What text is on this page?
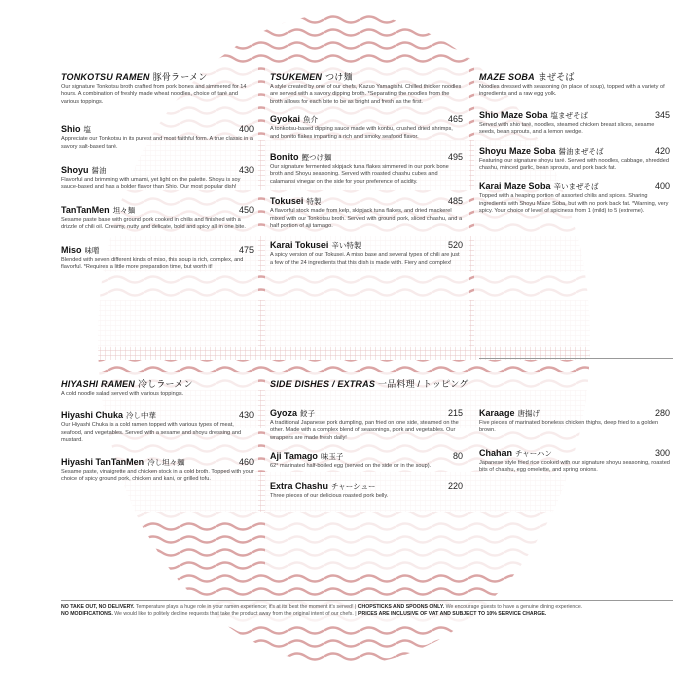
TONKOTSU RAMEN 豚骨ラーメン
Our signature Tonkotsu broth crafted from pork bones and simmered for 14 hours. A combination of freshly made wheat noodles, choice of taré and various toppings.
Shio 塩	400
Appreciate our Tonkotsu in its purest and most faithful form. A true classic in a savory salt-based taré.
Shoyu 醤油	430
Flavorful and brimming with umami, yet light on the palette. Shoyu is soy sauce-based and has a bolder flavor than Shio. Our most popular dish!
TanTanMen 坦々麺	450
Sesame paste base with ground pork cooked in chilis and finished with a drizzle of chili oil. Creamy, nutty and delicate, bold and spicy all in one bite.
Miso 味噌	475
Blended with seven different kinds of miso, this soup is rich, complex, and flavorful. *Requires a little more preparation time, but worth it!
TSUKEMEN つけ麺
A style created by one of our chefs, Kazuo Yamagishi. Chilled thicker noodles are served with a savory dipping broth. *Separating the noodles from the broth allows for each bite to be as bright and fresh as the first.
Gyokai 魚介	465
A tonkotsu-based dipping sauce made with konbu, crushed dried shrimps, and bonito flakes imparting a rich and smoky seafood flavor.
Bonito 鰹つけ麺	495
Our signature fermented skipjack tuna flakes simmered in our pork bone broth and Shoyu seasoning. Served with roasted chashu cubes and calamansi vinegar on the side for your preference of acidity.
Tokusei 特製	485
A flavorful stock made from kelp, skipjack tuna flakes, and dried mackerel mixed with our Tonkotsu broth. Served with ground pork, sliced chashu, and a half portion of aji tamago.
Karai Tokusei 辛い特製	520
A spicy version of our Tokusei. A miso base and several types of chili are just a few of the 24 ingredients that this dish is made with. Fiery and complex!
MAZE SOBA まぜそば
Noodles dressed with seasoning (in place of soup), topped with a variety of ingredients and a raw egg yolk.
Shio Maze Soba 塩まぜそば	345
Served with shio taré, noodles, steamed chicken breast slices, sesame seeds, bean sprouts, and a lemon wedge.
Shoyu Maze Soba 醤油まぜそば	420
Featuring our signature shoyu taré. Served with noodles, cabbage, shredded chashu, minced garlic, bean sprouts, and pork back fat.
Karai Maze Soba 辛いまぜそば	400
Topped with a heaping portion of assorted chilis and spices. Sharing ingredients with Shoyu Maze Soba, but with no pork back fat. *Warning, very spicy. Your choice of level of spiciness from 1 (mild) to 5 (extreme).
HIYASHI RAMEN 冷しラーメン
A cold noodle salad served with various toppings.
Hiyashi Chuka 冷し中華	430
Our Hiyashi Chuka is a cold ramen topped with various types of meat, seafood, and vegetables. Served with a sesame and shoyu dressing and mustard.
Hiyashi TanTanMen 冷し坦々麺	460
Sesame paste, vinaigrette and chicken stock in a cold broth. Topped with your choice of spicy ground pork, chicken and kani, or grilled tofu.
SIDE DISHES / EXTRAS 一品料理 / トッピング
Gyoza 餃子	215
A traditional Japanese pork dumpling, pan fried on one side, steamed on the other. Made with a complex blend of seasonings, pork and vegetables. Our wrappers are made fresh daily!
Aji Tamago 味玉子	80
62° marinated half-boiled egg (served on the side or in the soup).
Extra Chashu チャーシュー	220
Three pieces of our delicious roasted pork belly.
Karaage 唐揚げ	280
Five pieces of marinated boneless chicken thighs, deep fried to a golden brown.
Chahan チャーハン	300
Japanese style fried rice cooked with our signature shoyu seasoning, roasted bits of chashu, egg omelette, and spring onions.
NO TAKE OUT, NO DELIVERY. Temperature plays a huge role in your ramen experience; it's at its best the moment it's served! | CHOPSTICKS AND SPOONS ONLY. We encourage guests to have a genuine dining experience.
NO MODIFICATIONS. We would like to politely decline requests that take the product away from the original intent of our chefs. | PRICES ARE INCLUSIVE OF VAT AND SUBJECT TO 10% SERVICE CHARGE.
